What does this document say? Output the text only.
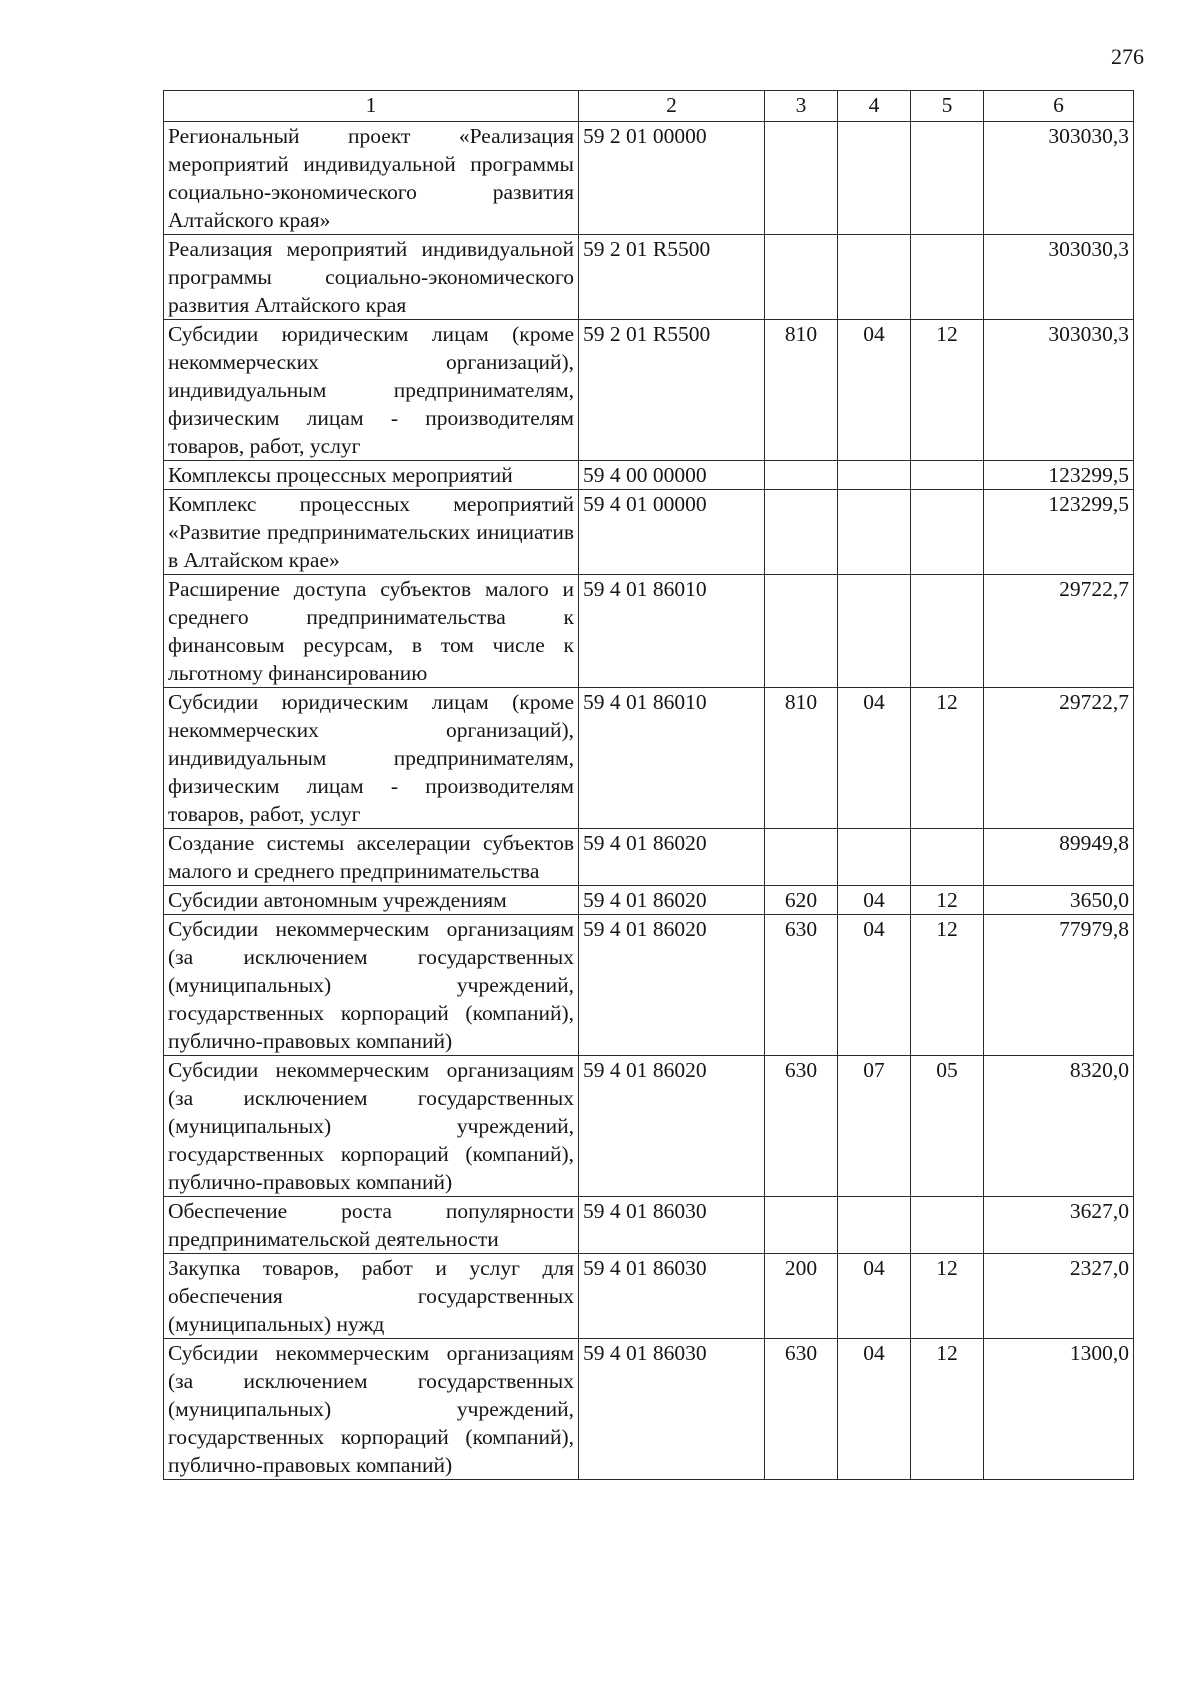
276
1	2	3	4	5	6
Региональный проект «Реализация мероприятий индивидуальной программы социально-экономического развития Алтайского края»	59 2 01 00000				303030,3
Реализация мероприятий индивидуальной программы социально-экономического развития Алтайского края	59 2 01 R5500				303030,3
Субсидии юридическим лицам (кроме некоммерческих организаций), индивидуальным предпринимателям, физическим лицам - производителям товаров, работ, услуг	59 2 01 R5500	810	04	12	303030,3
Комплексы процессных мероприятий	59 4 00 00000				123299,5
Комплекс процессных мероприятий «Развитие предпринимательских инициатив в Алтайском крае»	59 4 01 00000				123299,5
Расширение доступа субъектов малого и среднего предпринимательства к финансовым ресурсам, в том числе к льготному финансированию	59 4 01 86010				29722,7
Субсидии юридическим лицам (кроме некоммерческих организаций), индивидуальным предпринимателям, физическим лицам - производителям товаров, работ, услуг	59 4 01 86010	810	04	12	29722,7
Создание системы акселерации субъектов малого и среднего предпринимательства	59 4 01 86020				89949,8
Субсидии автономным учреждениям	59 4 01 86020	620	04	12	3650,0
Субсидии некоммерческим организациям (за исключением государственных (муниципальных) учреждений, государственных корпораций (компаний), публично-правовых компаний)	59 4 01 86020	630	04	12	77979,8
Субсидии некоммерческим организациям (за исключением государственных (муниципальных) учреждений, государственных корпораций (компаний), публично-правовых компаний)	59 4 01 86020	630	07	05	8320,0
Обеспечение роста популярности предпринимательской деятельности	59 4 01 86030				3627,0
Закупка товаров, работ и услуг для обеспечения государственных (муниципальных) нужд	59 4 01 86030	200	04	12	2327,0
Субсидии некоммерческим организациям (за исключением государственных (муниципальных) учреждений, государственных корпораций (компаний), публично-правовых компаний)	59 4 01 86030	630	04	12	1300,0
